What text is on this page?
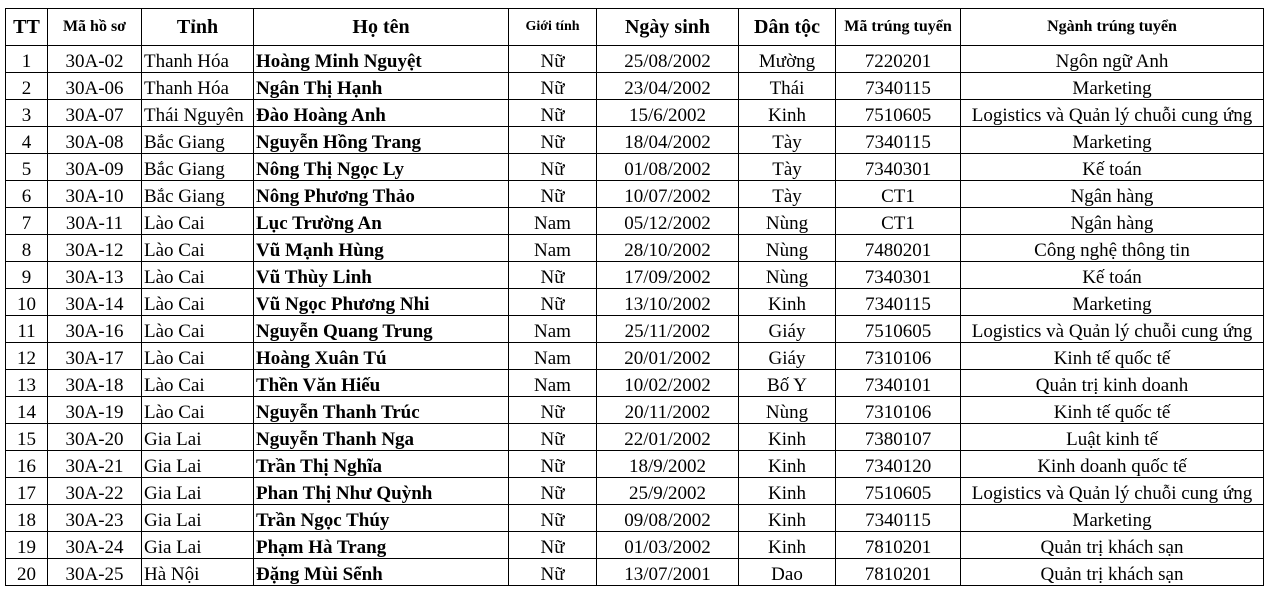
TT	Mã hồ sơ	Tỉnh	Họ tên	Giới tính	Ngày sinh	Dân tộc	Mã trúng tuyển	Ngành trúng tuyển
1	30A-02	Thanh Hóa	Hoàng Minh Nguyệt	Nữ	25/08/2002	Mường	7220201	Ngôn ngữ Anh
2	30A-06	Thanh Hóa	Ngân Thị Hạnh	Nữ	23/04/2002	Thái	7340115	Marketing
3	30A-07	Thái Nguyên	Đào Hoàng Anh	Nữ	15/6/2002	Kinh	7510605	Logistics và Quản lý chuỗi cung ứng
4	30A-08	Bắc Giang	Nguyễn Hồng Trang	Nữ	18/04/2002	Tày	7340115	Marketing
5	30A-09	Bắc Giang	Nông Thị Ngọc Ly	Nữ	01/08/2002	Tày	7340301	Kế toán
6	30A-10	Bắc Giang	Nông Phương Thảo	Nữ	10/07/2002	Tày	CT1	Ngân hàng
7	30A-11	Lào Cai	Lục Trường An	Nam	05/12/2002	Nùng	CT1	Ngân hàng
8	30A-12	Lào Cai	Vũ Mạnh Hùng	Nam	28/10/2002	Nùng	7480201	Công nghệ thông tin
9	30A-13	Lào Cai	Vũ Thùy Linh	Nữ	17/09/2002	Nùng	7340301	Kế toán
10	30A-14	Lào Cai	Vũ Ngọc Phương Nhi	Nữ	13/10/2002	Kinh	7340115	Marketing
11	30A-16	Lào Cai	Nguyễn Quang Trung	Nam	25/11/2002	Giáy	7510605	Logistics và Quản lý chuỗi cung ứng
12	30A-17	Lào Cai	Hoàng Xuân Tú	Nam	20/01/2002	Giáy	7310106	Kinh tế quốc tế
13	30A-18	Lào Cai	Thền Văn Hiếu	Nam	10/02/2002	Bố Y	7340101	Quản trị kinh doanh
14	30A-19	Lào Cai	Nguyễn Thanh Trúc	Nữ	20/11/2002	Nùng	7310106	Kinh tế quốc tế
15	30A-20	Gia Lai	Nguyễn Thanh Nga	Nữ	22/01/2002	Kinh	7380107	Luật kinh tế
16	30A-21	Gia Lai	Trần Thị Nghĩa	Nữ	18/9/2002	Kinh	7340120	Kinh doanh quốc tế
17	30A-22	Gia Lai	Phan Thị Như Quỳnh	Nữ	25/9/2002	Kinh	7510605	Logistics và Quản lý chuỗi cung ứng
18	30A-23	Gia Lai	Trần Ngọc Thúy	Nữ	09/08/2002	Kinh	7340115	Marketing
19	30A-24	Gia Lai	Phạm Hà Trang	Nữ	01/03/2002	Kinh	7810201	Quản trị khách sạn
20	30A-25	Hà Nội	Đặng Mùi Sểnh	Nữ	13/07/2001	Dao	7810201	Quản trị khách sạn
